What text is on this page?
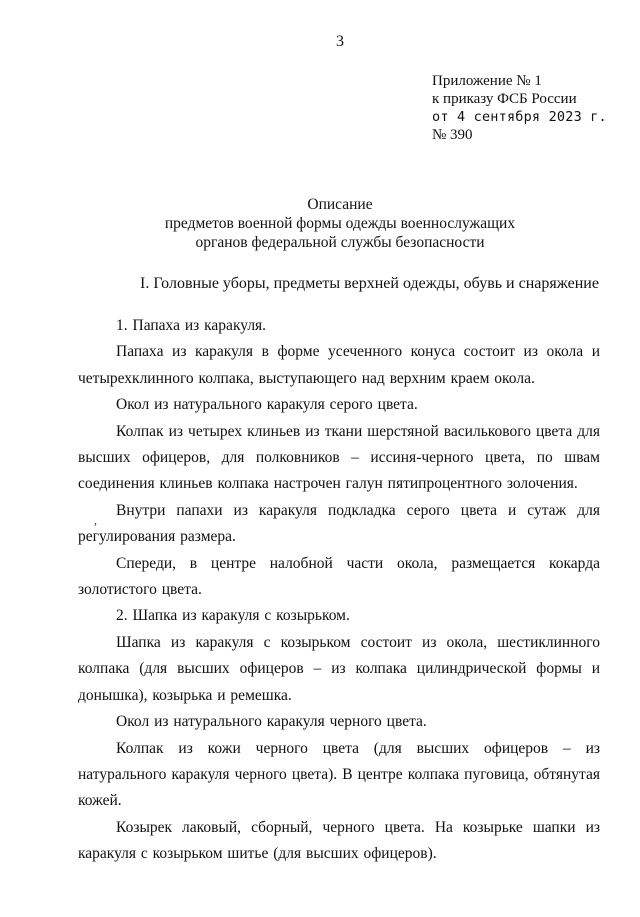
3
Приложение № 1
к приказу ФСБ России
от 4 сентября 2023 г.
№ 390
Описание
предметов военной формы одежды военнослужащих
органов федеральной службы безопасности
I. Головные уборы, предметы верхней одежды, обувь и снаряжение
,

1. Папаха из каракуля.

Папаха из каракуля в форме усеченного конуса состоит из окола и четырехклинного колпака, выступающего над верхним краем окола.

Окол из натурального каракуля серого цвета.

Колпак из четырех клиньев из ткани шерстяной василькового цвета для высших офицеров, для полковников – иссиня-черного цвета, по швам соединения клиньев колпака настрочен галун пятипроцентного золочения.

Внутри папахи из каракуля подкладка серого цвета и сутаж для регулирования размера.

Спереди, в центре налобной части окола, размещается кокарда золотистого цвета.

2. Шапка из каракуля с козырьком.

Шапка из каракуля с козырьком состоит из окола, шестиклинного колпака (для высших офицеров – из колпака цилиндрической формы и донышка), козырька и ремешка.

Окол из натурального каракуля черного цвета.

Колпак из кожи черного цвета (для высших офицеров – из натурального каракуля черного цвета). В центре колпака пуговица, обтянутая кожей.

Козырек лаковый, сборный, черного цвета. На козырьке шапки из каракуля с козырьком шитье (для высших офицеров).
